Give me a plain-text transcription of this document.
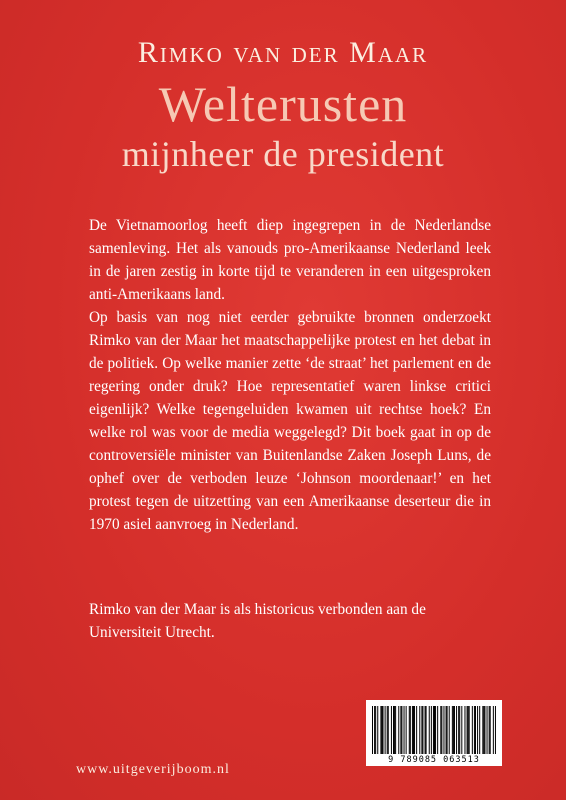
Rimko van der Maar
Welterusten
mijnheer de president

De Vietnamoorlog heeft diep ingegrepen in de Nederlandse samenleving. Het als vanouds pro-Amerikaanse Nederland leek in de jaren zestig in korte tijd te veranderen in een uitgesproken anti-Amerikaans land.

Op basis van nog niet eerder gebruikte bronnen onderzoekt Rimko van der Maar het maatschappelijke protest en het debat in de politiek. Op welke manier zette ‘de straat’ het parlement en de regering onder druk? Hoe representatief waren linkse critici eigenlijk? Welke tegengeluiden kwamen uit rechtse hoek? En welke rol was voor de media weggelegd? Dit boek gaat in op de controversiële minister van Buitenlandse Zaken Joseph Luns, de ophef over de verboden leuze ‘Johnson moordenaar!’ en het protest tegen de uitzetting van een Amerikaanse deserteur die in 1970 asiel aanvroeg in Nederland.

Rimko van der Maar is als historicus verbonden aan de Universiteit Utrecht.

www.uitgeverijboom.nl
9 789085 063513
